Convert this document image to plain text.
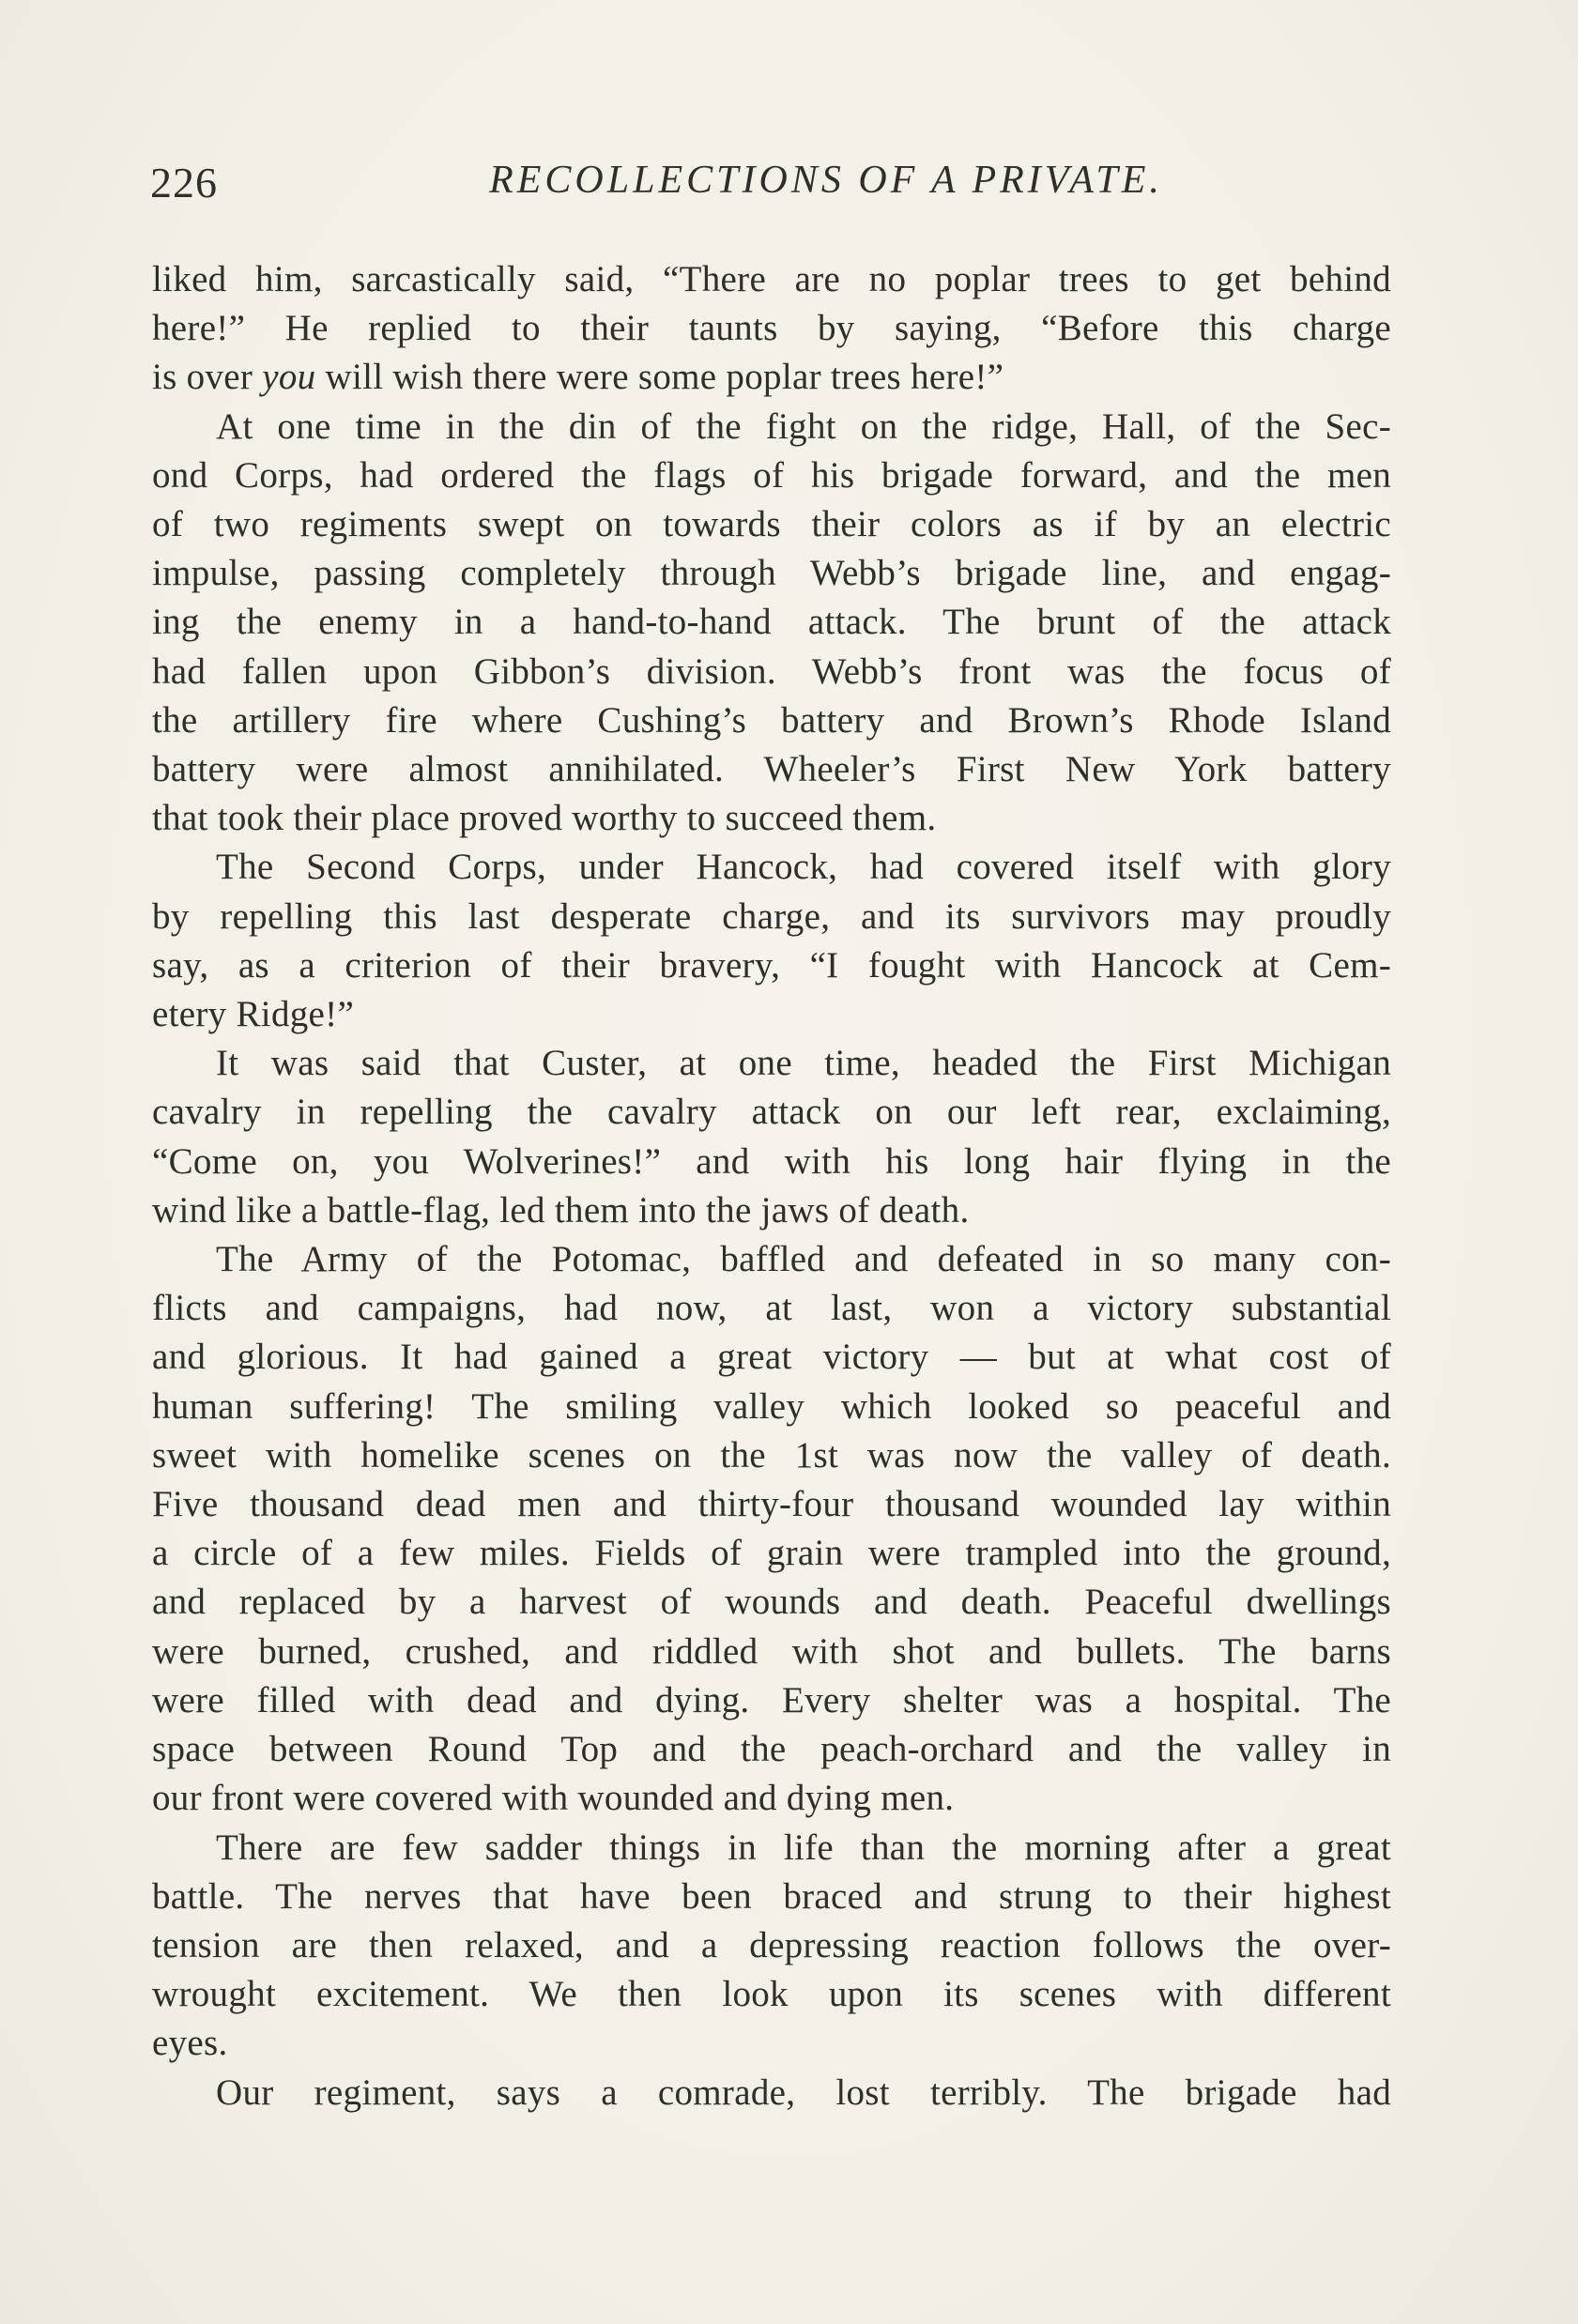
226	RECOLLECTIONS OF A PRIVATE.
liked him, sarcastically said, “There are no poplar trees to get behind
here!” He replied to their taunts by saying, “Before this charge
is over you will wish there were some poplar trees here!”
At one time in the din of the fight on the ridge, Hall, of the Sec-
ond Corps, had ordered the flags of his brigade forward, and the men
of two regiments swept on towards their colors as if by an electric
impulse, passing completely through Webb’s brigade line, and engag-
ing the enemy in a hand-to-hand attack. The brunt of the attack
had fallen upon Gibbon’s division. Webb’s front was the focus of
the artillery fire where Cushing’s battery and Brown’s Rhode Island
battery were almost annihilated. Wheeler’s First New York battery
that took their place proved worthy to succeed them.
The Second Corps, under Hancock, had covered itself with glory
by repelling this last desperate charge, and its survivors may proudly
say, as a criterion of their bravery, “I fought with Hancock at Cem-
etery Ridge!”
It was said that Custer, at one time, headed the First Michigan
cavalry in repelling the cavalry attack on our left rear, exclaiming,
“Come on, you Wolverines!” and with his long hair flying in the
wind like a battle-flag, led them into the jaws of death.
The Army of the Potomac, baffled and defeated in so many con-
flicts and campaigns, had now, at last, won a victory substantial
and glorious. It had gained a great victory — but at what cost of
human suffering! The smiling valley which looked so peaceful and
sweet with homelike scenes on the 1st was now the valley of death.
Five thousand dead men and thirty-four thousand wounded lay within
a circle of a few miles. Fields of grain were trampled into the ground,
and replaced by a harvest of wounds and death. Peaceful dwellings
were burned, crushed, and riddled with shot and bullets. The barns
were filled with dead and dying. Every shelter was a hospital. The
space between Round Top and the peach-orchard and the valley in
our front were covered with wounded and dying men.
There are few sadder things in life than the morning after a great
battle. The nerves that have been braced and strung to their highest
tension are then relaxed, and a depressing reaction follows the over-
wrought excitement. We then look upon its scenes with different
eyes.
Our regiment, says a comrade, lost terribly. The brigade had
